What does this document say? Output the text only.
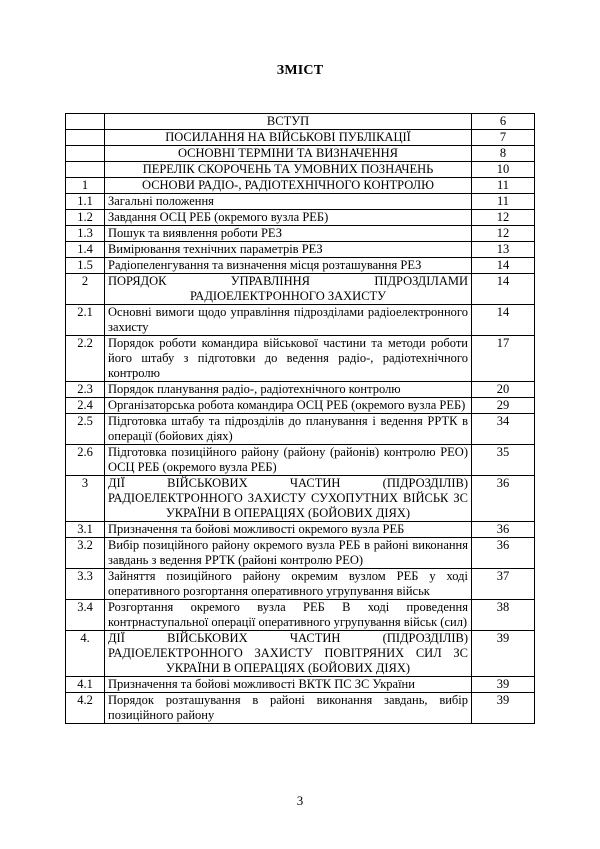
ЗМІСТ
	ВСТУП	6
	ПОСИЛАННЯ НА ВІЙСЬКОВІ ПУБЛІКАЦІЇ	7
	ОСНОВНІ ТЕРМІНИ ТА ВИЗНАЧЕННЯ	8
	ПЕРЕЛІК СКОРОЧЕНЬ ТА УМОВНИХ ПОЗНАЧЕНЬ	10
1	ОСНОВИ РАДІО-, РАДІОТЕХНІЧНОГО КОНТРОЛЮ	11
1.1	Загальні положення	11
1.2	Завдання ОСЦ РЕБ (окремого вузла РЕБ)	12
1.3	Пошук та виявлення роботи РЕЗ	12
1.4	Вимірювання технічних параметрів РЕЗ	13
1.5	Радіопеленгування та визначення місця розташування РЕЗ	14
2	ПОРЯДОК УПРАВЛІННЯ ПІДРОЗДІЛАМИ РАДІОЕЛЕКТРОННОГО ЗАХИСТУ	14
2.1	Основні вимоги щодо управління підрозділами радіоелектронного захисту	14
2.2	Порядок роботи командира військової частини та методи роботи його штабу з підготовки до ведення радіо-, радіотехнічного контролю	17
2.3	Порядок планування радіо-, радіотехнічного контролю	20
2.4	Організаторська робота командира ОСЦ РЕБ (окремого вузла РЕБ)	29
2.5	Підготовка штабу та підрозділів до планування і ведення РРТК в операції (бойових діях)	34
2.6	Підготовка позиційного району (району (районів) контролю РЕО) ОСЦ РЕБ (окремого вузла РЕБ)	35
3	ДІЇ ВІЙСЬКОВИХ ЧАСТИН (ПІДРОЗДІЛІВ) РАДІОЕЛЕКТРОННОГО ЗАХИСТУ СУХОПУТНИХ ВІЙСЬК ЗС УКРАЇНИ В ОПЕРАЦІЯХ (БОЙОВИХ ДІЯХ)	36
3.1	Призначення та бойові можливості окремого вузла РЕБ	36
3.2	Вибір позиційного району окремого вузла РЕБ в районі виконання завдань з ведення РРТК (районі контролю РЕО)	36
3.3	Зайняття позиційного району окремим вузлом РЕБ у ході оперативного розгортання оперативного угрупування військ	37
3.4	Розгортання окремого вузла РЕБ В ході проведення контрнаступальної операції оперативного угрупування військ (сил)	38
4.	ДІЇ ВІЙСЬКОВИХ ЧАСТИН (ПІДРОЗДІЛІВ) РАДІОЕЛЕКТРОННОГО ЗАХИСТУ ПОВІТРЯНИХ СИЛ ЗС УКРАЇНИ В ОПЕРАЦІЯХ (БОЙОВИХ ДІЯХ)	39
4.1	Призначення та бойові можливості ВКТК ПС ЗС України	39
4.2	Порядок розташування в районі виконання завдань, вибір позиційного району	39
3
